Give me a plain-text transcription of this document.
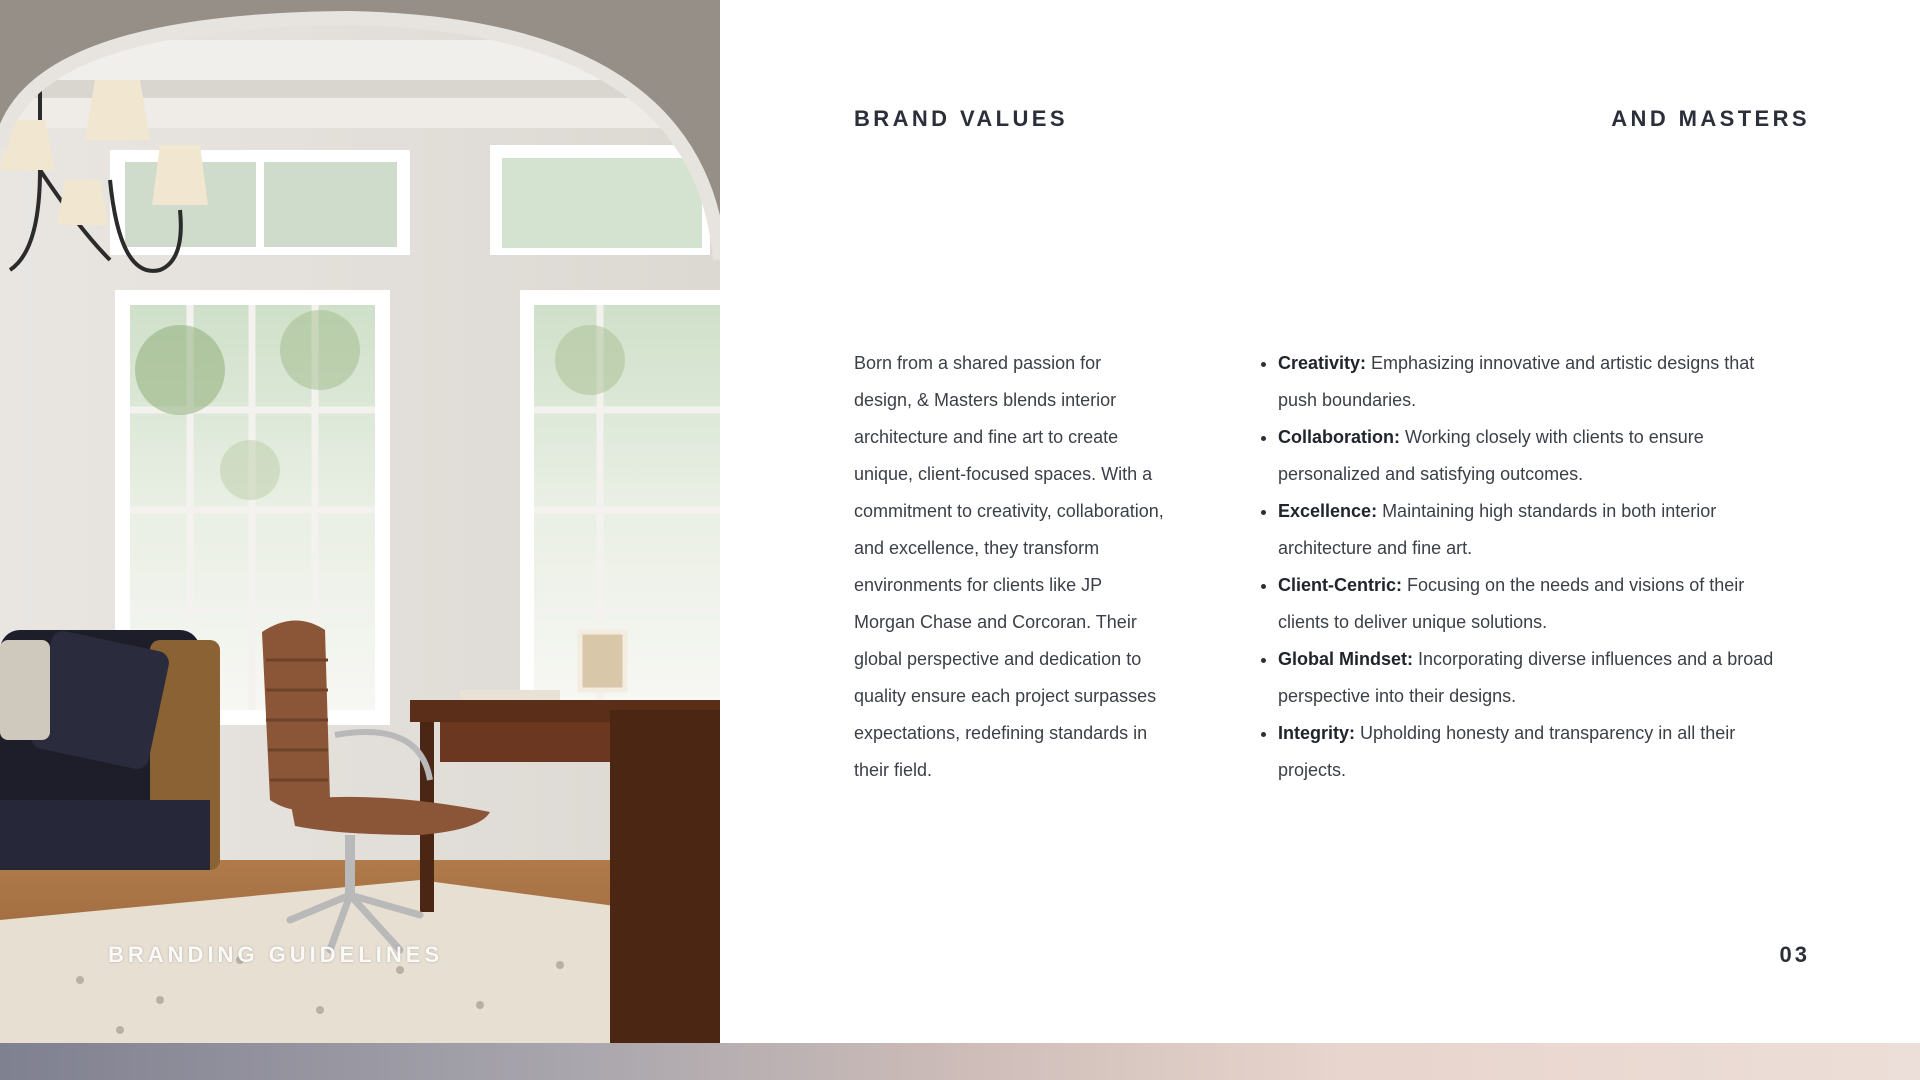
BRANDING GUIDELINES
BRAND VALUES	AND MASTERS

Born from a shared passion for design, & Masters blends interior architecture and fine art to create unique, client-focused spaces. With a commitment to creativity, collaboration, and excellence, they transform environments for clients like JP Morgan Chase and Corcoran. Their global perspective and dedication to quality ensure each project surpasses expectations, redefining standards in their field.

• Creativity: Emphasizing innovative and artistic designs that push boundaries.
• Collaboration: Working closely with clients to ensure personalized and satisfying outcomes.
• Excellence: Maintaining high standards in both interior architecture and fine art.
• Client-Centric: Focusing on the needs and visions of their clients to deliver unique solutions.
• Global Mindset: Incorporating diverse influences and a broad perspective into their designs.
• Integrity: Upholding honesty and transparency in all their projects.
03
